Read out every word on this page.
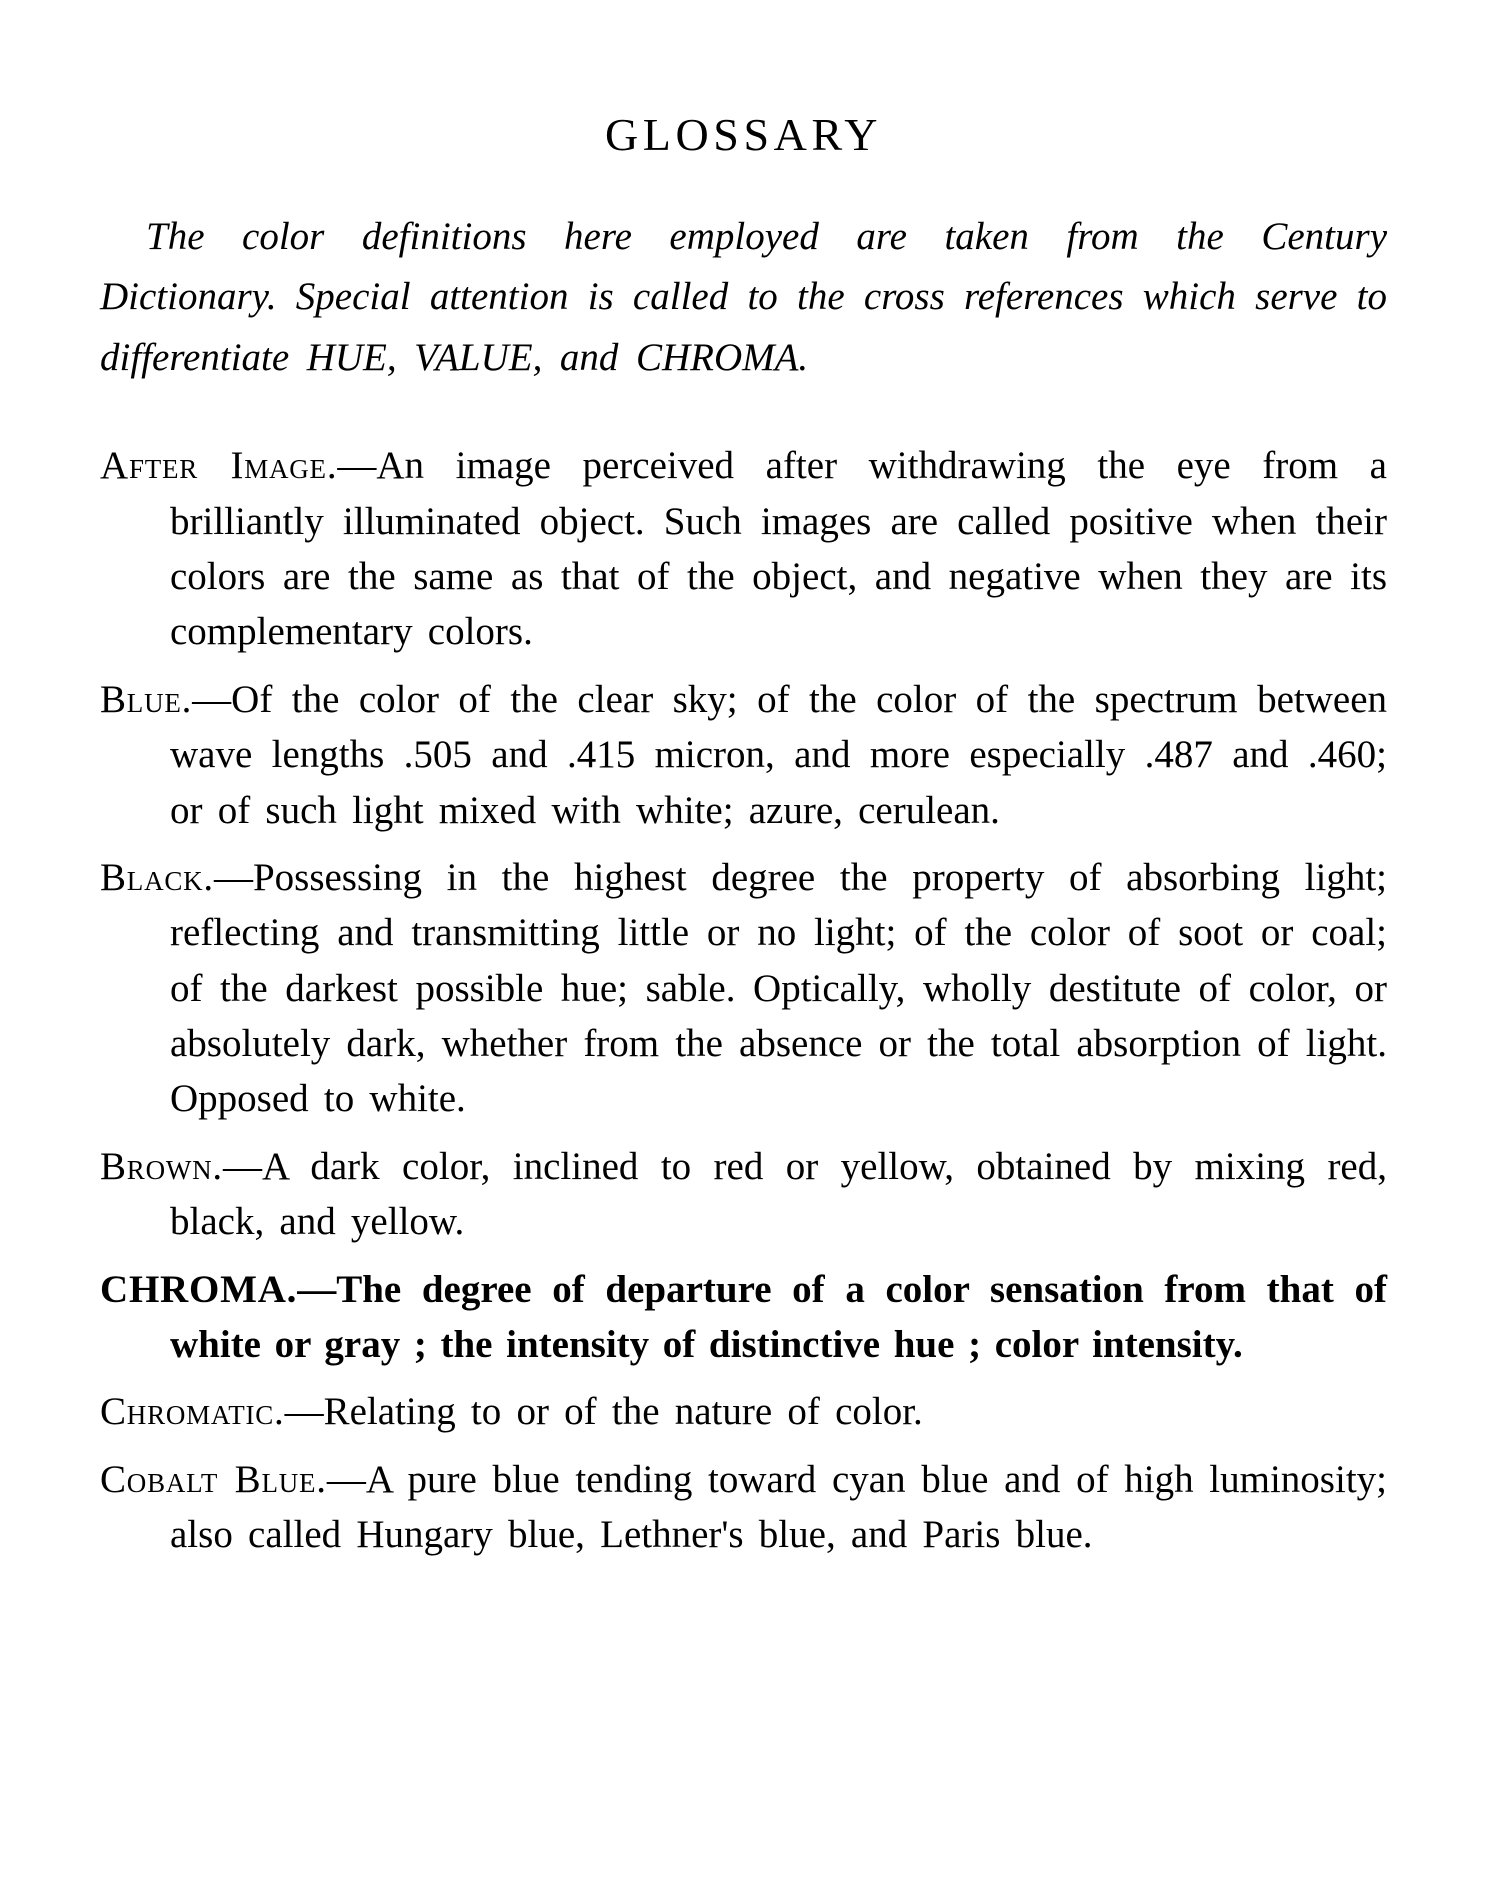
GLOSSARY

The color definitions here employed are taken from the Century Dictionary. Special attention is called to the cross references which serve to differentiate HUE, VALUE, and CHROMA.

After Image.—An image perceived after withdrawing the eye from a brilliantly illuminated object. Such images are called positive when their colors are the same as that of the object, and negative when they are its complementary colors.

Blue.—Of the color of the clear sky; of the color of the spectrum between wave lengths .505 and .415 micron, and more especially .487 and .460; or of such light mixed with white; azure, cerulean.

Black.—Possessing in the highest degree the property of absorbing light; reflecting and transmitting little or no light; of the color of soot or coal; of the darkest possible hue; sable. Optically, wholly destitute of color, or absolutely dark, whether from the absence or the total absorption of light. Opposed to white.

Brown.—A dark color, inclined to red or yellow, obtained by mixing red, black, and yellow.

CHROMA.—The degree of departure of a color sensation from that of white or gray ; the intensity of distinctive hue ; color intensity.

Chromatic.—Relating to or of the nature of color.

Cobalt Blue.—A pure blue tending toward cyan blue and of high luminosity; also called Hungary blue, Lethner's blue, and Paris blue.
